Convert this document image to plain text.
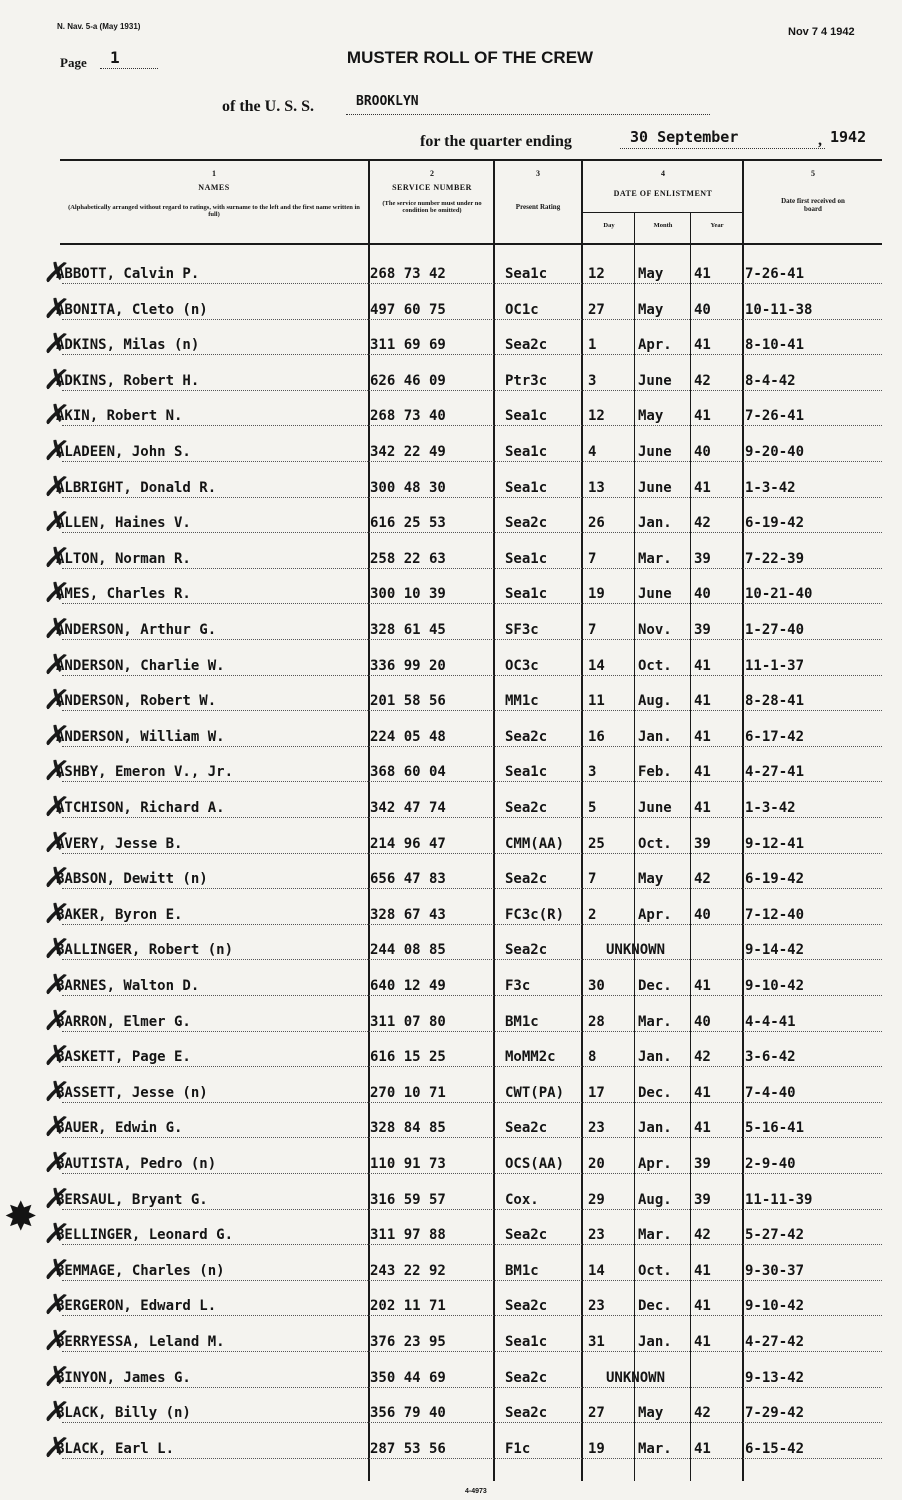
N. Nav. 5-a (May 1931)	Nov 7 4 1942
Page	1	MUSTER ROLL OF THE CREW
of the U. S. S.	BROOKLYN
for the quarter ending	30 September	, 1942
1
NAMES
(Alphabetically arranged without regard to ratings, with surname to the left and the first name written in full)
2
SERVICE NUMBER
(The service number must under no condition be omitted)
3
Present Rating
4
DATE OF ENLISTMENT
Day	Month	Year
5
Date first received on board
✗
ABBOTT, Calvin P.	268 73 42	Sea1c	12 May 41 7-26-41
✗
ABONITA, Cleto (n)	497 60 75	OC1c	27 May 40 10-11-38
✗
ADKINS, Milas (n)	311 69 69	Sea2c	1	Apr. 41 8-10-41
✗
ADKINS, Robert H.	626 46 09	Ptr3c	3	June 42 8-4-42
✗
AKIN, Robert N.	268 73 40	Sea1c	12 May 41 7-26-41
✗
ALADEEN, John S.	342 22 49	Sea1c	4	June 40 9-20-40
✗
ALBRIGHT, Donald R.	300 48 30	Sea1c	13 June 41 1-3-42
✗
ALLEN, Haines V.	616 25 53	Sea2c	26 Jan. 42 6-19-42
✗
ALTON, Norman R.	258 22 63	Sea1c	7	Mar. 39 7-22-39
✗
AMES, Charles R.	300 10 39	Sea1c	19 June 40 10-21-40
✗
ANDERSON, Arthur G.	328 61 45	SF3c	7	Nov. 39 1-27-40
✗
ANDERSON, Charlie W.	336 99 20	OC3c	14 Oct. 41 11-1-37
✗
ANDERSON, Robert W.	201 58 56	MM1c	11 Aug. 41 8-28-41
✗
ANDERSON, William W.	224 05 48	Sea2c	16 Jan. 41 6-17-42
✗
ASHBY, Emeron V., Jr.	368 60 04	Sea1c	3	Feb. 41 4-27-41
✗
ATCHISON, Richard A.	342 47 74	Sea2c	5	June 41 1-3-42
✗
AVERY, Jesse B.	214 96 47	CMM(AA) 25 Oct. 39 9-12-41
✗
BABSON, Dewitt (n)	656 47 83	Sea2c	7	May 42 6-19-42
✗
BAKER, Byron E.	328 67 43	FC3c(R) 2	Apr. 40 7-12-40
✗
BALLINGER, Robert (n)	244 08 85	Sea2c	UNKNOWN	9-14-42
✗
BARNES, Walton D.	640 12 49	F3c	30 Dec. 41 9-10-42
✗
BARRON, Elmer G.	311 07 80	BM1c	28 Mar. 40 4-4-41
✗
BASKETT, Page E.	616 15 25	MoMM2c 8	Jan. 42 3-6-42
✗
BASSETT, Jesse (n)	270 10 71	CWT(PA) 17 Dec. 41 7-4-40
✗
BAUER, Edwin G.	328 84 85	Sea2c	23 Jan. 41 5-16-41
✗
BAUTISTA, Pedro (n)	110 91 73	OCS(AA) 20 Apr. 39 2-9-40
✗
BERSAUL, Bryant G.	316 59 57	Cox.	29 Aug. 39 11-11-39
✗
BELLINGER, Leonard G.	311 97 88	Sea2c	23 Mar. 42 5-27-42
✗
BEMMAGE, Charles (n)	243 22 92	BM1c	14 Oct. 41 9-30-37
✗
BERGERON, Edward L.	202 11 71	Sea2c	23 Dec. 41 9-10-42
✗
BERRYESSA, Leland M.	376 23 95	Sea1c	31 Jan. 41 4-27-42
✗
BINYON, James G.	350 44 69	Sea2c	UNKNOWN	9-13-42
✗
BLACK, Billy (n)	356 79 40	Sea2c	27 May 42 7-29-42
✗
BLACK, Earl L.	287 53 56	F1c	19 Mar. 41 6-15-42
✸
4-4973
